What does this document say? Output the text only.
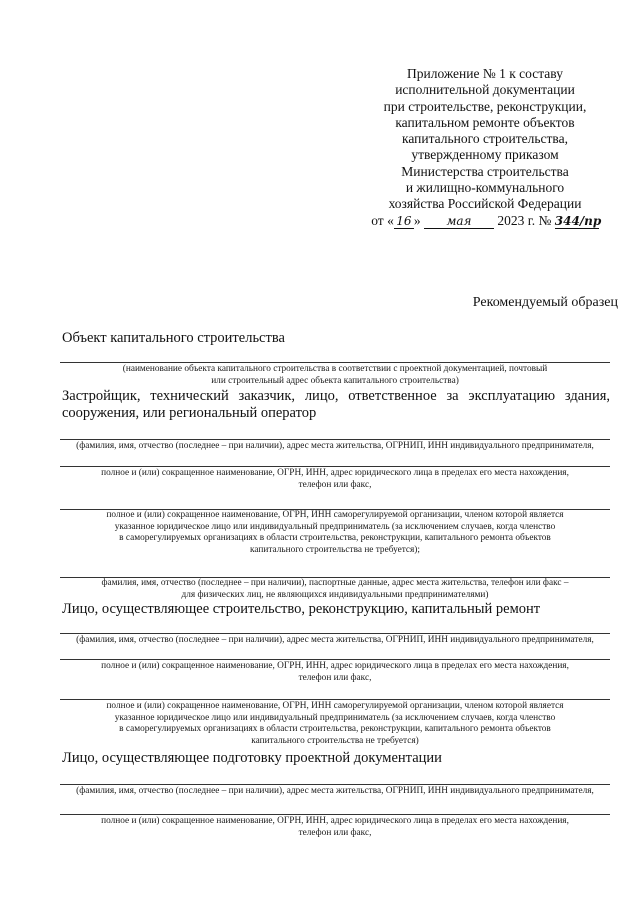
Приложение № 1 к составу
исполнительной документации
при строительстве, реконструкции,
капитальном ремонте объектов
капитального строительства,
утвержденному приказом
Министерства строительства
и жилищно-коммунального
хозяйства Российской Федерации
от « 16 » мая 2023 г. № 344/пр
Рекомендуемый образец
Объект капитального строительства
(наименование объекта капитального строительства в соответствии с проектной документацией, почтовый
или строительный адрес объекта капитального строительства)
Застройщик, технический заказчик, лицо, ответственное за эксплуатацию здания, сооружения, или региональный оператор
(фамилия, имя, отчество (последнее – при наличии), адрес места жительства, ОГРНИП, ИНН индивидуального предпринимателя,
полное и (или) сокращенное наименование, ОГРН, ИНН, адрес юридического лица в пределах его места нахождения,
телефон или факс,
полное и (или) сокращенное наименование, ОГРН, ИНН саморегулируемой организации, членом которой является
указанное юридическое лицо или индивидуальный предприниматель (за исключением случаев, когда членство
в саморегулируемых организациях в области строительства, реконструкции, капитального ремонта объектов
капитального строительства не требуется);
фамилия, имя, отчество (последнее – при наличии), паспортные данные, адрес места жительства, телефон или факс –
для физических лиц, не являющихся индивидуальными предпринимателями)
Лицо, осуществляющее строительство, реконструкцию, капитальный ремонт
(фамилия, имя, отчество (последнее – при наличии), адрес места жительства, ОГРНИП, ИНН индивидуального предпринимателя,
полное и (или) сокращенное наименование, ОГРН, ИНН, адрес юридического лица в пределах его места нахождения,
телефон или факс,
полное и (или) сокращенное наименование, ОГРН, ИНН саморегулируемой организации, членом которой является
указанное юридическое лицо или индивидуальный предприниматель (за исключением случаев, когда членство
в саморегулируемых организациях в области строительства, реконструкции, капитального ремонта объектов
капитального строительства не требуется)
Лицо, осуществляющее подготовку проектной документации
(фамилия, имя, отчество (последнее – при наличии), адрес места жительства, ОГРНИП, ИНН индивидуального предпринимателя,
полное и (или) сокращенное наименование, ОГРН, ИНН, адрес юридического лица в пределах его места нахождения,
телефон или факс,
